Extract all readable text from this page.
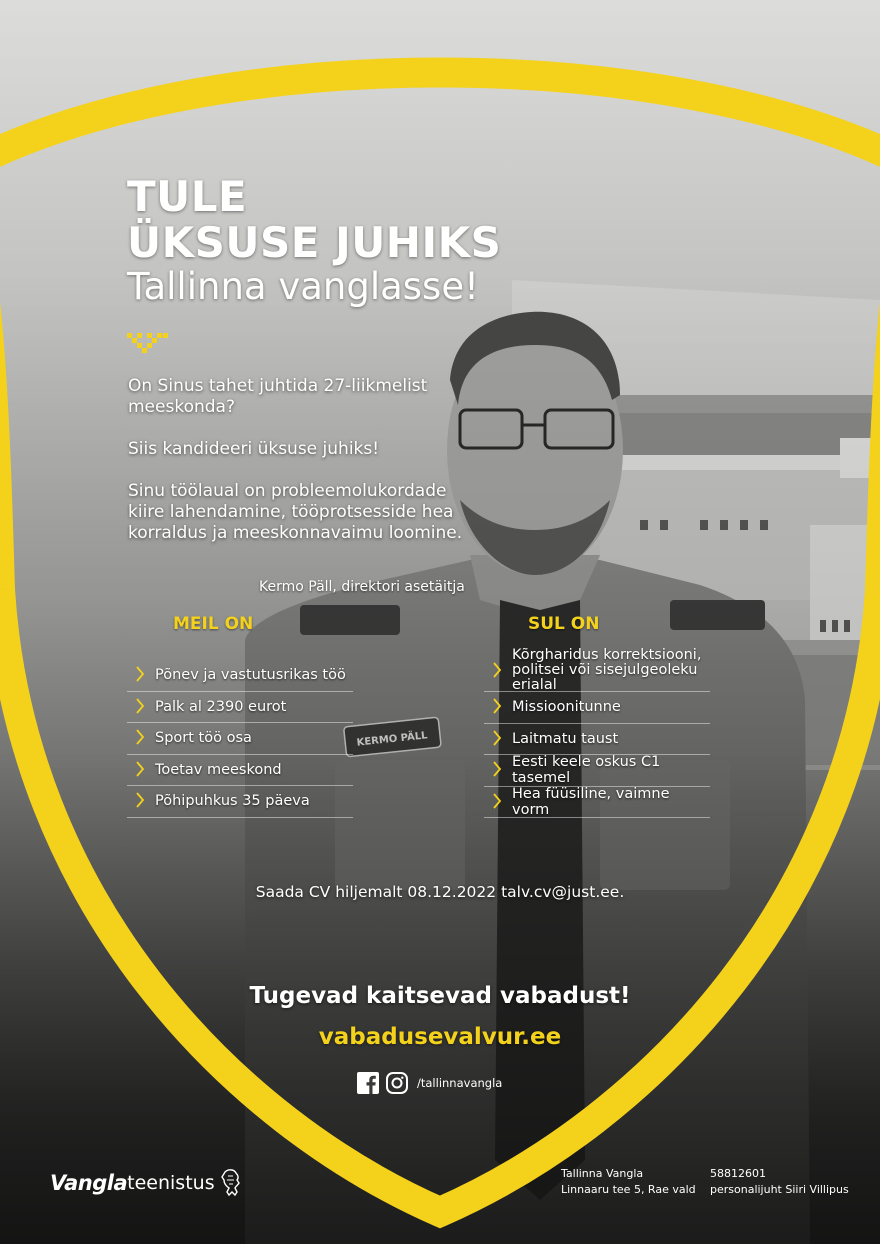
TULE
ÜKSUSE JUHIKS
Tallinna vanglasse!

On Sinus tahet juhtida 27-liikmelist meeskonda?

Siis kandideeri üksuse juhiks!

Sinu töölaual on probleemolukordade kiire lahendamine, tööprotsesside hea korraldus ja meeskonnavaimu loomine.

Kermo Päll, direktori asetäitja
MEIL ON	SUL ON
Põnev ja vastutusrikas töö
Palk al 2390 eurot
Sport töö osa
Toetav meeskond
Põhipuhkus 35 päeva
Kõrgharidus korrektsiooni, politsei või sisejulgeoleku erialal
Missioonitunne
Laitmatu taust
Eesti keele oskus C1 tasemel
Hea füüsiline, vaimne vorm
Saada CV hiljemalt 08.12.2022 talv.cv@just.ee.
Tugevad kaitsevad vabadust!
vabadusevalvur.ee
/tallinnavangla
Vangla teenistus	Tallinna Vangla
Linnaaru tee 5, Rae vald
58812601
personalijuht Siiri Villipus
